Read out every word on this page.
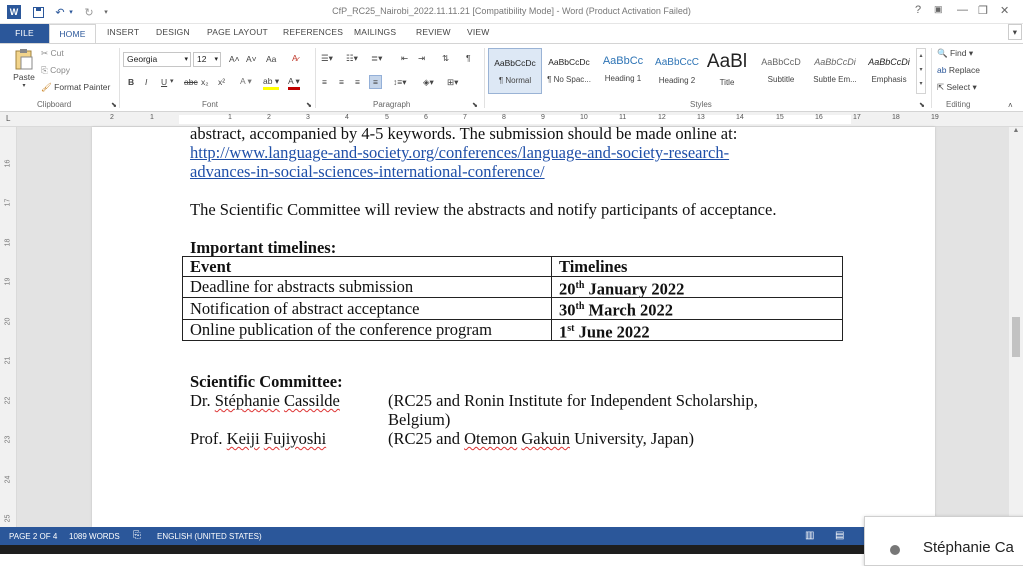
W	↶ ▾ ↻	▾	CfP_RC25_Nairobi_2022.11.11.21 [Compatibility Mode] - Word (Product Activation Failed)	? ▣ — ❐ ✕
FILE	HOME	INSERT DESIGN PAGE LAYOUT REFERENCES MAILINGS REVIEW VIEW	▾
Paste
▾
✂ Cut
⎘ Copy
🖌 Format Painter
Clipboard	⬊
Georgia	▾	12 ▾ A˄ A˅ Aa A̷
B I U ▾ abc x₂ x² A ▾ ab ▾ A ▾
Font	⬊
☰▾ ☷▾ ≣▾ ⇤ ⇥ ⇅ ¶
≡ ≡ ≡	≡	↕≡▾ ◈▾ ⊞▾
Paragraph	⬊
AaBbCcDc
¶ Normal
AaBbCcDc
¶ No Spac...
AaBbCc
Heading 1
AaBbCcC
Heading 2
AaBl
Title
AaBbCcD
Subtitle
AaBbCcDi
Subtle Em...
AaBbCcDi
Emphasis
▴
▾
▾
Styles	⬊
🔍 Find ▾
ab Replace
⇱ Select ▾
Editing	˄
L	2	1	1	2	3	4	5	6	7	8	9	10	11	12	13	14	15	16	17	18	19
16
17
18
19
20
21
22
23
24
25
abstract, accompanied by 4-5 keywords. The submission should be made online at:
http://www.language-and-society.org/conferences/language-and-society-research-
advances-in-social-sciences-international-conference/
The Scientific Committee will review the abstracts and notify participants of acceptance.
Important timelines:
Event	Timelines
Deadline for abstracts submission	20th January 2022
Notification of abstract acceptance	30th March 2022
Online publication of the conference program	1st June 2022
Scientific Committee:
Dr. Stéphanie Cassilde	(RC25 and Ronin Institute for Independent Scholarship,
Belgium)
Prof. Keiji Fujiyoshi	(RC25 and Otemon Gakuin University, Japan)
▲
PAGE 2 OF 4 1089 WORDS ⎘ ENGLISH (UNITED STATES)	▥ ▤
Stéphanie Ca
